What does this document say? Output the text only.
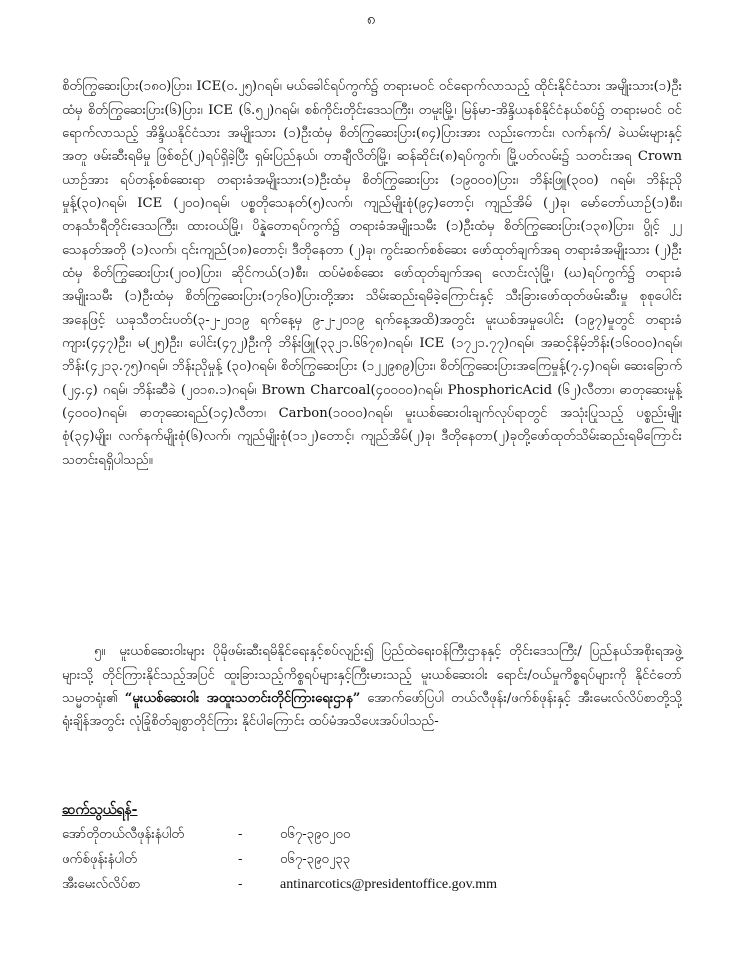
၈

စိတ်ကြွဆေးပြား(၁၈၀)ပြား၊ ICE(၀.၂၅)ဂရမ်၊ မယ်ခေါင်ရပ်ကွက်၌ တရားမဝင် ဝင်ရောက်လာသည့် ထိုင်းနိုင်ငံသား အမျိုးသား(၁)ဦးထံမှ စိတ်ကြွဆေးပြား(၆)ပြား၊ ICE (၆.၅၂)ဂရမ်၊ စစ်ကိုင်းတိုင်းဒေသကြီး၊ တမူးမြို့၊ မြန်မာ-အိန္ဒိယနစ်နိုင်ငံနယ်စပ်၌ တရားမဝင် ဝင်ရောက်လာသည့် အိန္ဒိယနိုင်ငံသား အမျိုးသား (၁)ဦးထံမှ စိတ်ကြွဆေးပြား(၈၄)ပြားအား လည်းကောင်း၊ လက်နက်/ ခဲယမ်းများနှင့်အတူ ဖမ်းဆီးရမိမှု ဖြစ်စဉ်(၂)ရပ်ရှိခဲ့ပြီး ရှမ်းပြည်နယ်၊ တာချီလိတ်မြို့၊ ဆန်ဆိုင်း(၈)ရပ်ကွက်၊ မြို့ပတ်လမ်း၌ သတင်းအရ Crown ယာဉ်အား ရပ်တန့်စစ်ဆေးရာ တရားခံအမျိုးသား(၁)ဦးထံမှ စိတ်ကြွဆေးပြား (၁၉၀၀၀)ပြား၊ ဘိန်းဖြူ(၃၀၀) ဂရမ်၊ ဘိန်းညိုမှုန့်(၃၀)ဂရမ်၊ ICE (၂၀၀)ဂရမ်၊ ပစ္စတိုသေနတ်(၅)လက်၊ ကျည်မျိုးစုံ(၉၄)တောင့်၊ ကျည်အိမ် (၂)ခု၊ မော်တော်ယာဉ်(၁)စီး၊ တနင်္သာရီတိုင်းဒေသကြီး၊ ထားဝယ်မြို့၊ ပိန္နဲတောရပ်ကွက်၌ တရားခံအမျိုးသမီး (၁)ဦးထံမှ စိတ်ကြွဆေးပြား(၁၃၈)ပြား၊ ပွိုင့် ၂၂ သေနတ်အတို (၁)လက်၊ ၎င်းကျည်(၁၈)တောင့်၊ ဒီတိုနေတာ (၂)ခု၊ ကွင်းဆက်စစ်ဆေး ဖော်ထုတ်ချက်အရ တရားခံအမျိုးသား (၂)ဦးထံမှ စိတ်ကြွဆေးပြား(၂၀၀)ပြား၊ ဆိုင်ကယ်(၁)စီး၊ ထပ်မံစစ်ဆေး ဖော်ထုတ်ချက်အရ လောင်းလုံမြို့၊ (ဃ)ရပ်ကွက်၌ တရားခံ အမျိုးသမီး (၁)ဦးထံမှ စိတ်ကြွဆေးပြား(၁၇၆၀)ပြားတို့အား သိမ်းဆည်းရမိခဲ့ကြောင်းနှင့် သီးခြားဖော်ထုတ်ဖမ်းဆီးမှု စုစုပေါင်းအနေဖြင့် ယခုသီတင်းပတ်(၃-၂-၂၀၁၉ ရက်နေ့မှ ၉-၂-၂၀၁၉ ရက်နေ့အထိ)အတွင်း မူးယစ်အမှုပေါင်း (၁၉၇)မှုတွင် တရားခံကျား(၄၄၇)ဦး၊ မ(၂၅)ဦး၊ ပေါင်း(၄၇၂)ဦးကို ဘိန်းဖြူ(၃၃၂၁.၆၆၇၈)ဂရမ်၊ ICE (၁၇၂၁.၇၇)ဂရမ်၊ အဆင့်နိမ့်ဘိန်း(၁၆၀၀၀)ဂရမ်၊ ဘိန်း(၄၂၁၃.၇၅)ဂရမ်၊ ဘိန်းညိုမှုန့် (၃၀)ဂရမ်၊ စိတ်ကြွဆေးပြား (၁၂၂၉၈၉)ပြား၊ စိတ်ကြွဆေးပြားအကြေမှုန့်(၇.၄)ဂရမ်၊ ဆေးခြောက် (၂၄.၄) ဂရမ်၊ ဘိန်းဆီခဲ (၂၀၁၈.၁)ဂရမ်၊ Brown Charcoal(၄၀၀၀၀)ဂရမ်၊ PhosphoricAcid (၆၂)လီတာ၊ ဓာတုဆေးမှုန့် (၄၀၀၀)ဂရမ်၊ ဓာတုဆေးရည်(၁၄)လီတာ၊ Carbon(၁၀၀၀)ဂရမ်၊ မူးယစ်ဆေးဝါးချက်လုပ်ရာတွင် အသုံးပြုသည့် ပစ္စည်းမျိုးစုံ(၃၄)မျိုး၊ လက်နက်မျိုးစုံ(၆)လက်၊ ကျည်မျိုးစုံ(၁၁၂)တောင့်၊ ကျည်အိမ်(၂)ခု၊ ဒီတိုနေတာ(၂)ခုတို့ဖော်ထုတ်သိမ်းဆည်းရမိကြောင်း သတင်းရရှိပါသည်။

၅။ မူးယစ်ဆေးဝါးများ ပိုမိုဖမ်းဆီးရမိနိုင်ရေးနှင့်စပ်လျဉ်း၍ ပြည်ထဲရေးဝန်ကြီးဌာနနှင့် တိုင်းဒေသကြီး/ ပြည်နယ်အစိုးရအဖွဲ့များသို့ တိုင်ကြားနိုင်သည့်အပြင် ထူးခြားသည့်ကိစ္စရပ်များနှင့်ကြီးမားသည့် မူးယစ်ဆေးဝါး ရောင်း/ဝယ်မှုကိစ္စရပ်များကို နိုင်ငံတော်သမ္မတရုံး၏ “မူးယစ်ဆေးဝါး အထူးသတင်းတိုင်ကြားရေးဌာန” အောက်ဖော်ပြပါ တယ်လီဖုန်း/ဖက်စ်ဖုန်းနှင့် အီးမေးလ်လိပ်စာတို့သို့ ရုံးချိန်အတွင်း လုံခြုံစိတ်ချစွာတိုင်ကြား နိုင်ပါကြောင်း ထပ်မံအသိပေးအပ်ပါသည်-

ဆက်သွယ်ရန်-
အော်တိုတယ်လီဖုန်းနံပါတ်	-	၀၆၇-၃၉၀၂၀၀
ဖက်စ်ဖုန်းနံပါတ်	-	၀၆၇-၃၉၀၂၃၃
အီးမေးလ်လိပ်စာ	-	antinarcotics@presidentoffice.gov.mm
